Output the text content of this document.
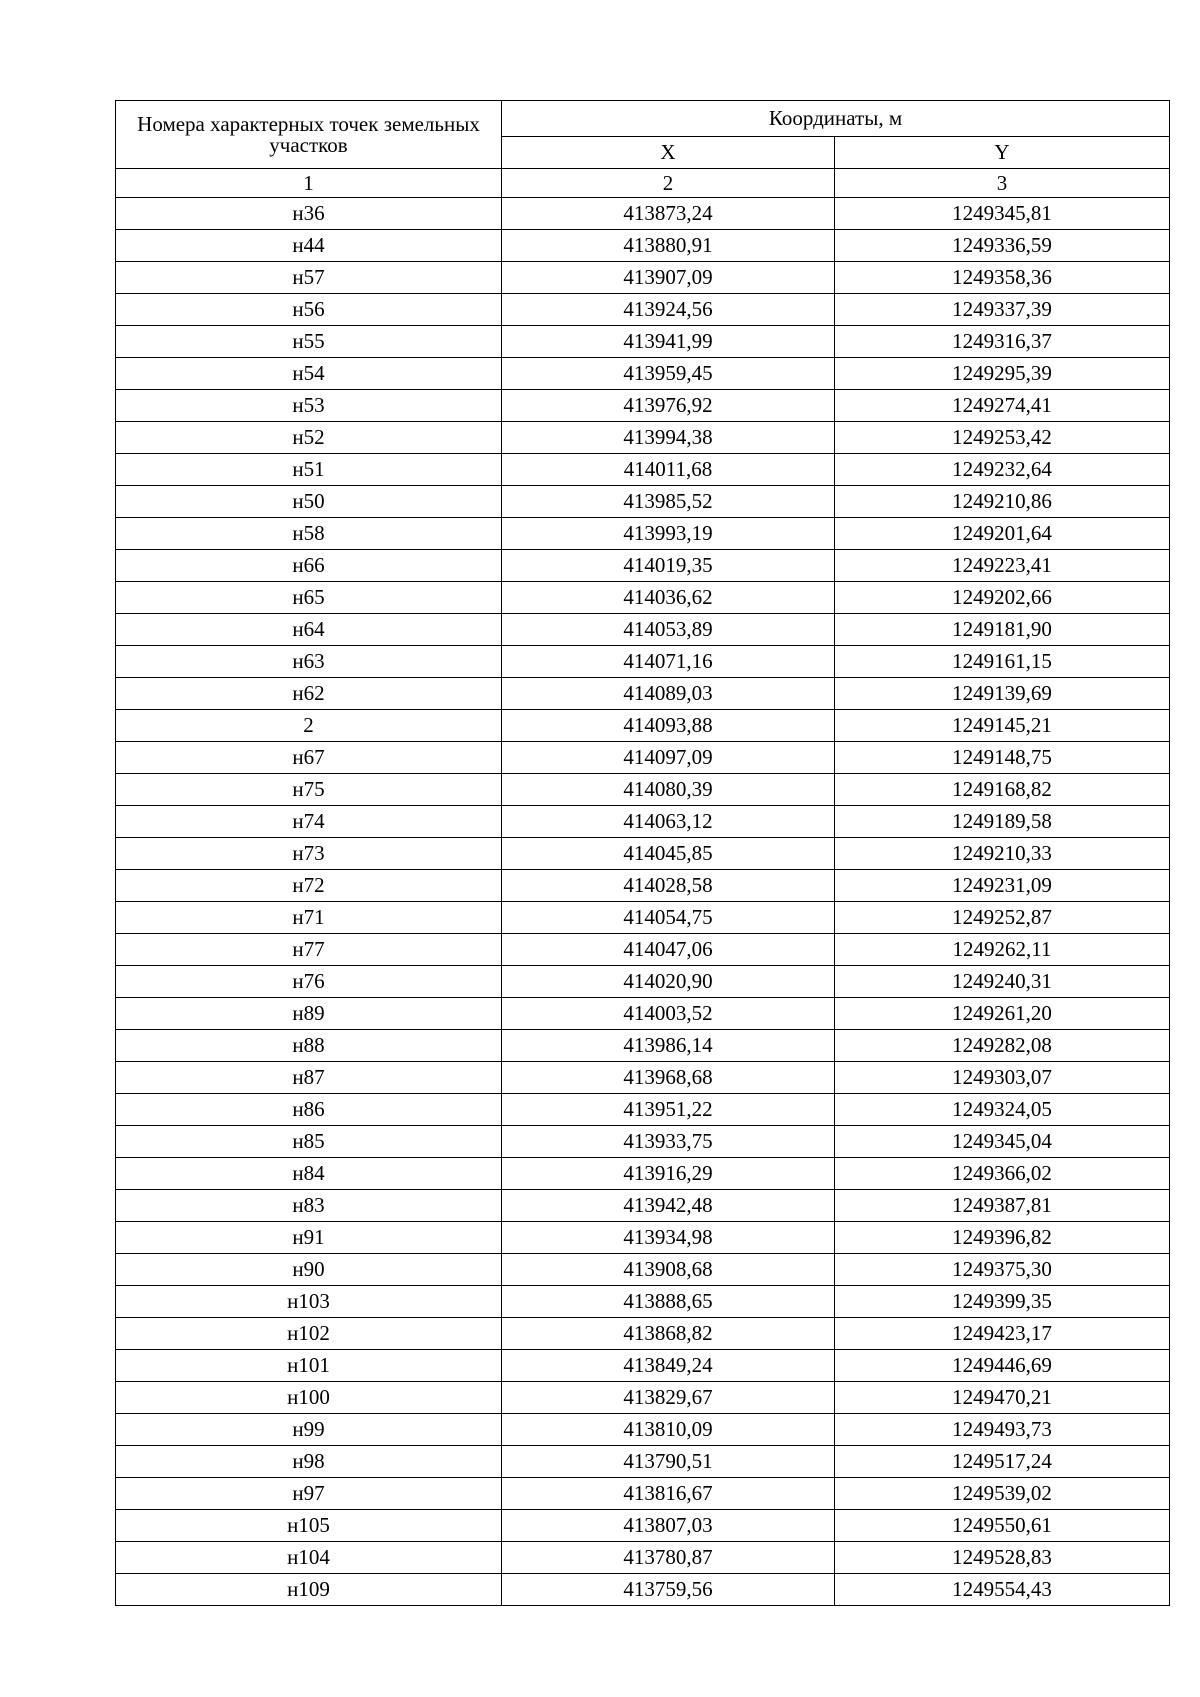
Номера характерных точек земельных участков	Координаты, м	
	X	Y
1	2	3
н36	413873,24	1249345,81
н44	413880,91	1249336,59
н57	413907,09	1249358,36
н56	413924,56	1249337,39
н55	413941,99	1249316,37
н54	413959,45	1249295,39
н53	413976,92	1249274,41
н52	413994,38	1249253,42
н51	414011,68	1249232,64
н50	413985,52	1249210,86
н58	413993,19	1249201,64
н66	414019,35	1249223,41
н65	414036,62	1249202,66
н64	414053,89	1249181,90
н63	414071,16	1249161,15
н62	414089,03	1249139,69
2	414093,88	1249145,21
н67	414097,09	1249148,75
н75	414080,39	1249168,82
н74	414063,12	1249189,58
н73	414045,85	1249210,33
н72	414028,58	1249231,09
н71	414054,75	1249252,87
н77	414047,06	1249262,11
н76	414020,90	1249240,31
н89	414003,52	1249261,20
н88	413986,14	1249282,08
н87	413968,68	1249303,07
н86	413951,22	1249324,05
н85	413933,75	1249345,04
н84	413916,29	1249366,02
н83	413942,48	1249387,81
н91	413934,98	1249396,82
н90	413908,68	1249375,30
н103	413888,65	1249399,35
н102	413868,82	1249423,17
н101	413849,24	1249446,69
н100	413829,67	1249470,21
н99	413810,09	1249493,73
н98	413790,51	1249517,24
н97	413816,67	1249539,02
н105	413807,03	1249550,61
н104	413780,87	1249528,83
н109	413759,56	1249554,43
